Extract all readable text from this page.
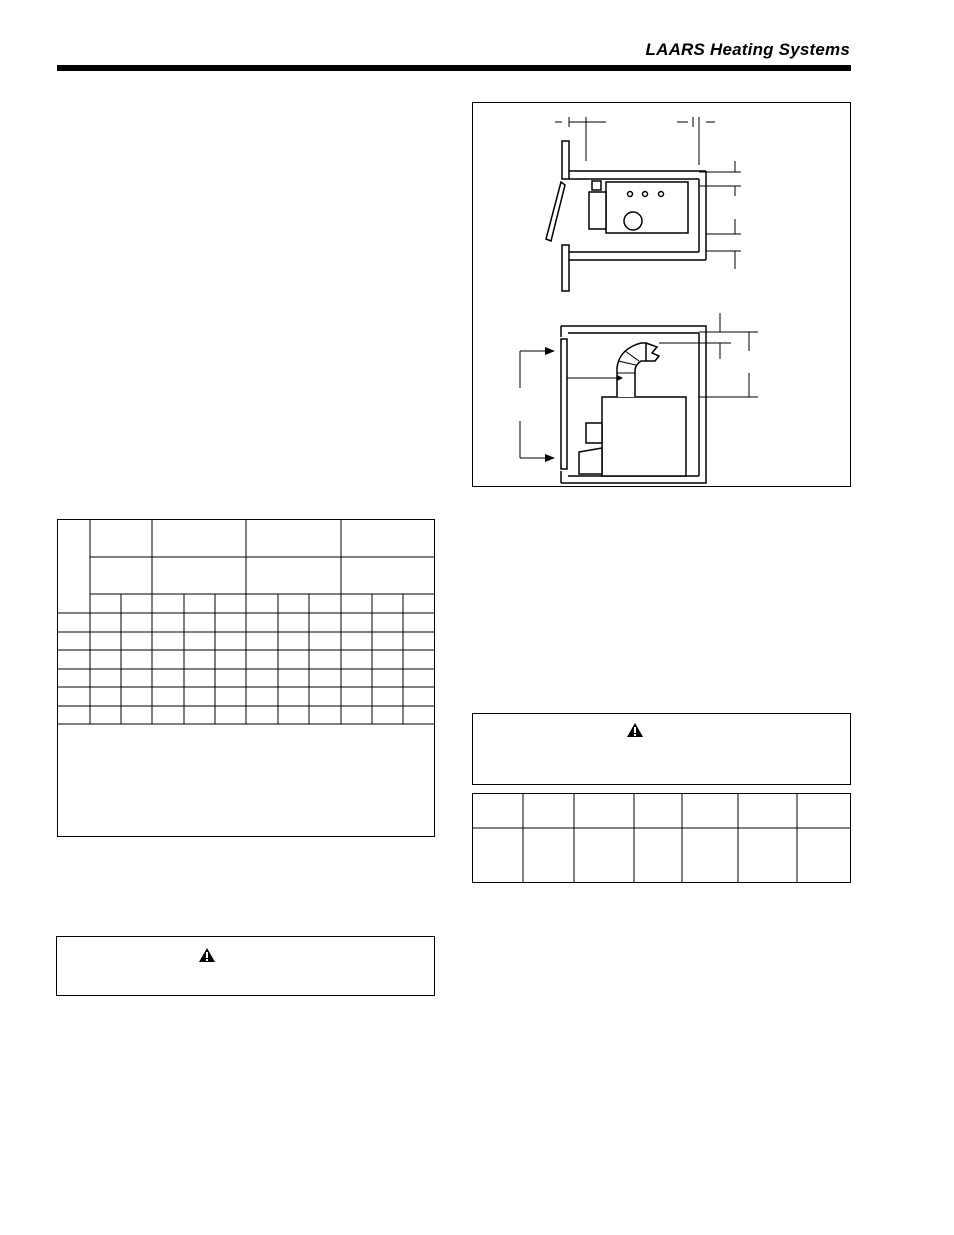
LAARS Heating Systems
